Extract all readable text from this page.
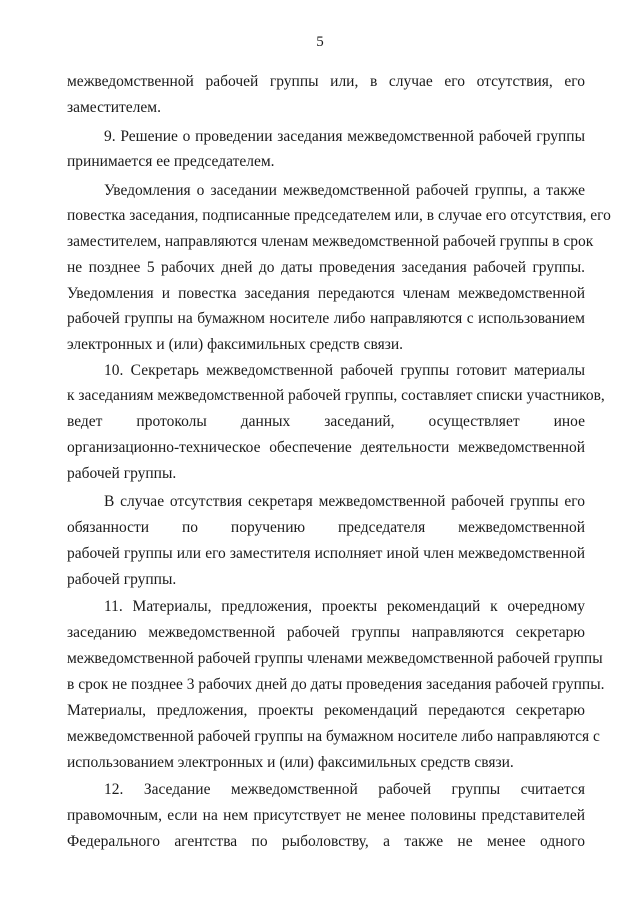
5
межведомственной рабочей группы или, в случае его отсутствия, его
заместителем.
9. Решение о проведении заседания межведомственной рабочей группы
принимается ее председателем.
Уведомления о заседании межведомственной рабочей группы, а также
повестка заседания, подписанные председателем или, в случае его отсутствия, его
заместителем, направляются членам межведомственной рабочей группы в срок
не позднее 5 рабочих дней до даты проведения заседания рабочей группы.
Уведомления и повестка заседания передаются членам межведомственной
рабочей группы на бумажном носителе либо направляются с использованием
электронных и (или) факсимильных средств связи.
10. Секретарь межведомственной рабочей группы готовит материалы
к заседаниям межведомственной рабочей группы, составляет списки участников,
ведет протоколы данных заседаний, осуществляет иное
организационно-техническое обеспечение деятельности межведомственной
рабочей группы.
В случае отсутствия секретаря межведомственной рабочей группы его
обязанности по поручению председателя межведомственной
рабочей группы или его заместителя исполняет иной член межведомственной
рабочей группы.
11. Материалы, предложения, проекты рекомендаций к очередному
заседанию межведомственной рабочей группы направляются секретарю
межведомственной рабочей группы членами межведомственной рабочей группы
в срок не позднее 3 рабочих дней до даты проведения заседания рабочей группы.
Материалы, предложения, проекты рекомендаций передаются секретарю
межведомственной рабочей группы на бумажном носителе либо направляются с
использованием электронных и (или) факсимильных средств связи.
12. Заседание межведомственной рабочей группы считается
правомочным, если на нем присутствует не менее половины представителей
Федерального агентства по рыболовству, а также не менее одного
